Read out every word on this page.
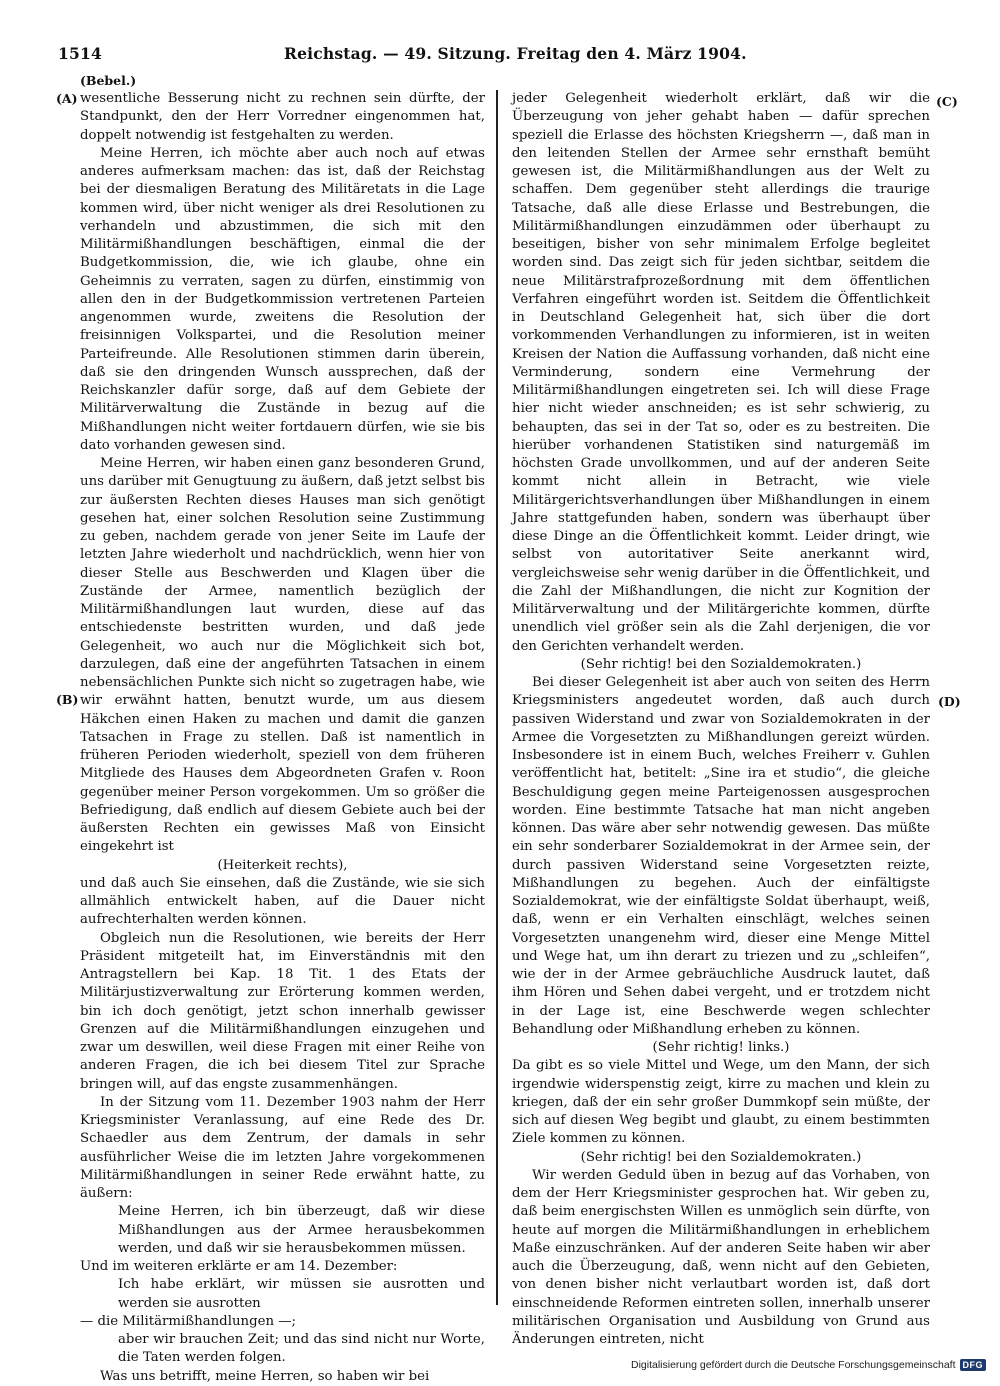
1514	Reichstag. — 49. Sitzung. Freitag den 4. März 1904.
(Bebel.)
(A)
(B)
(C)
(D)

wesentliche Besserung nicht zu rechnen sein dürfte, der Standpunkt, den der Herr Vorredner eingenommen hat, doppelt notwendig ist festgehalten zu werden.

Meine Herren, ich möchte aber auch noch auf etwas anderes aufmerksam machen: das ist, daß der Reichstag bei der diesmaligen Beratung des Militäretats in die Lage kommen wird, über nicht weniger als drei Resolutionen zu verhandeln und abzustimmen, die sich mit den Militärmißhandlungen beschäftigen, einmal die der Budgetkommission, die, wie ich glaube, ohne ein Geheimnis zu verraten, sagen zu dürfen, einstimmig von allen den in der Budgetkommission vertretenen Parteien angenommen wurde, zweitens die Resolution der freisinnigen Volkspartei, und die Resolution meiner Parteifreunde. Alle Resolutionen stimmen darin überein, daß sie den dringenden Wunsch aussprechen, daß der Reichskanzler dafür sorge, daß auf dem Gebiete der Militärverwaltung die Zustände in bezug auf die Mißhandlungen nicht weiter fortdauern dürfen, wie sie bis dato vorhanden gewesen sind.

Meine Herren, wir haben einen ganz besonderen Grund, uns darüber mit Genugtuung zu äußern, daß jetzt selbst bis zur äußersten Rechten dieses Hauses man sich genötigt gesehen hat, einer solchen Resolution seine Zustimmung zu geben, nachdem gerade von jener Seite im Laufe der letzten Jahre wiederholt und nachdrücklich, wenn hier von dieser Stelle aus Beschwerden und Klagen über die Zustände der Armee, namentlich bezüglich der Militärmißhandlungen laut wurden, diese auf das entschiedenste bestritten wurden, und daß jede Gelegenheit, wo auch nur die Möglichkeit sich bot, darzulegen, daß eine der angeführten Tatsachen in einem nebensächlichen Punkte sich nicht so zugetragen habe, wie wir erwähnt hatten, benutzt wurde, um aus diesem Häkchen einen Haken zu machen und damit die ganzen Tatsachen in Frage zu stellen. Daß ist namentlich in früheren Perioden wiederholt, speziell von dem früheren Mitgliede des Hauses dem Abgeordneten Grafen v. Roon gegenüber meiner Person vorgekommen. Um so größer die Befriedigung, daß endlich auf diesem Gebiete auch bei der äußersten Rechten ein gewisses Maß von Einsicht eingekehrt ist

(Heiterkeit rechts),

und daß auch Sie einsehen, daß die Zustände, wie sie sich allmählich entwickelt haben, auf die Dauer nicht aufrechterhalten werden können.

Obgleich nun die Resolutionen, wie bereits der Herr Präsident mitgeteilt hat, im Einverständnis mit den Antragstellern bei Kap. 18 Tit. 1 des Etats der Militärjustizverwaltung zur Erörterung kommen werden, bin ich doch genötigt, jetzt schon innerhalb gewisser Grenzen auf die Militärmißhandlungen einzugehen und zwar um deswillen, weil diese Fragen mit einer Reihe von anderen Fragen, die ich bei diesem Titel zur Sprache bringen will, auf das engste zusammenhängen.

In der Sitzung vom 11. Dezember 1903 nahm der Herr Kriegsminister Veranlassung, auf eine Rede des Dr. Schaedler aus dem Zentrum, der damals in sehr ausführlicher Weise die im letzten Jahre vorgekommenen Militärmißhandlungen in seiner Rede erwähnt hatte, zu äußern:

Meine Herren, ich bin überzeugt, daß wir diese Mißhandlungen aus der Armee herausbekommen werden, und daß wir sie herausbekommen müssen.

Und im weiteren erklärte er am 14. Dezember:

Ich habe erklärt, wir müssen sie ausrotten und werden sie ausrotten

— die Militärmißhandlungen —;

aber wir brauchen Zeit; und das sind nicht nur Worte, die Taten werden folgen.

Was uns betrifft, meine Herren, so haben wir bei

jeder Gelegenheit wiederholt erklärt, daß wir die Überzeugung von jeher gehabt haben — dafür sprechen speziell die Erlasse des höchsten Kriegsherrn —, daß man in den leitenden Stellen der Armee sehr ernsthaft bemüht gewesen ist, die Militärmißhandlungen aus der Welt zu schaffen. Dem gegenüber steht allerdings die traurige Tatsache, daß alle diese Erlasse und Bestrebungen, die Militärmißhandlungen einzudämmen oder überhaupt zu beseitigen, bisher von sehr minimalem Erfolge begleitet worden sind. Das zeigt sich für jeden sichtbar, seitdem die neue Militärstrafprozeßordnung mit dem öffentlichen Verfahren eingeführt worden ist. Seitdem die Öffentlichkeit in Deutschland Gelegenheit hat, sich über die dort vorkommenden Verhandlungen zu informieren, ist in weiten Kreisen der Nation die Auffassung vorhanden, daß nicht eine Verminderung, sondern eine Vermehrung der Militärmißhandlungen eingetreten sei. Ich will diese Frage hier nicht wieder anschneiden; es ist sehr schwierig, zu behaupten, das sei in der Tat so, oder es zu bestreiten. Die hierüber vorhandenen Statistiken sind naturgemäß im höchsten Grade unvollkommen, und auf der anderen Seite kommt nicht allein in Betracht, wie viele Militärgerichtsverhandlungen über Mißhandlungen in einem Jahre stattgefunden haben, sondern was überhaupt über diese Dinge an die Öffentlichkeit kommt. Leider dringt, wie selbst von autoritativer Seite anerkannt wird, vergleichsweise sehr wenig darüber in die Öffentlichkeit, und die Zahl der Mißhandlungen, die nicht zur Kognition der Militärverwaltung und der Militärgerichte kommen, dürfte unendlich viel größer sein als die Zahl derjenigen, die vor den Gerichten verhandelt werden.

(Sehr richtig! bei den Sozialdemokraten.)

Bei dieser Gelegenheit ist aber auch von seiten des Herrn Kriegsministers angedeutet worden, daß auch durch passiven Widerstand und zwar von Sozialdemokraten in der Armee die Vorgesetzten zu Mißhandlungen gereizt würden. Insbesondere ist in einem Buch, welches Freiherr v. Guhlen veröffentlicht hat, betitelt: „Sine ira et studio“, die gleiche Beschuldigung gegen meine Parteigenossen ausgesprochen worden. Eine bestimmte Tatsache hat man nicht angeben können. Das wäre aber sehr notwendig gewesen. Das müßte ein sehr sonderbarer Sozialdemokrat in der Armee sein, der durch passiven Widerstand seine Vorgesetzten reizte, Mißhandlungen zu begehen. Auch der einfältigste Sozialdemokrat, wie der einfältigste Soldat überhaupt, weiß, daß, wenn er ein Verhalten einschlägt, welches seinen Vorgesetzten unangenehm wird, dieser eine Menge Mittel und Wege hat, um ihn derart zu triezen und zu „schleifen“, wie der in der Armee gebräuchliche Ausdruck lautet, daß ihm Hören und Sehen dabei vergeht, und er trotzdem nicht in der Lage ist, eine Beschwerde wegen schlechter Behandlung oder Mißhandlung erheben zu können.

(Sehr richtig! links.)

Da gibt es so viele Mittel und Wege, um den Mann, der sich irgendwie widerspenstig zeigt, kirre zu machen und klein zu kriegen, daß der ein sehr großer Dummkopf sein müßte, der sich auf diesen Weg begibt und glaubt, zu einem bestimmten Ziele kommen zu können.

(Sehr richtig! bei den Sozialdemokraten.)

Wir werden Geduld üben in bezug auf das Vorhaben, von dem der Herr Kriegsminister gesprochen hat. Wir geben zu, daß beim energischsten Willen es unmöglich sein dürfte, von heute auf morgen die Militärmißhandlungen in erheblichem Maße einzuschränken. Auf der anderen Seite haben wir aber auch die Überzeugung, daß, wenn nicht auf den Gebieten, von denen bisher nicht verlautbart worden ist, daß dort einschneidende Reformen eintreten sollen, innerhalb unserer militärischen Organisation und Ausbildung von Grund aus Änderungen eintreten, nicht

Digitalisierung gefördert durch die Deutsche Forschungsgemeinschaft DFG
